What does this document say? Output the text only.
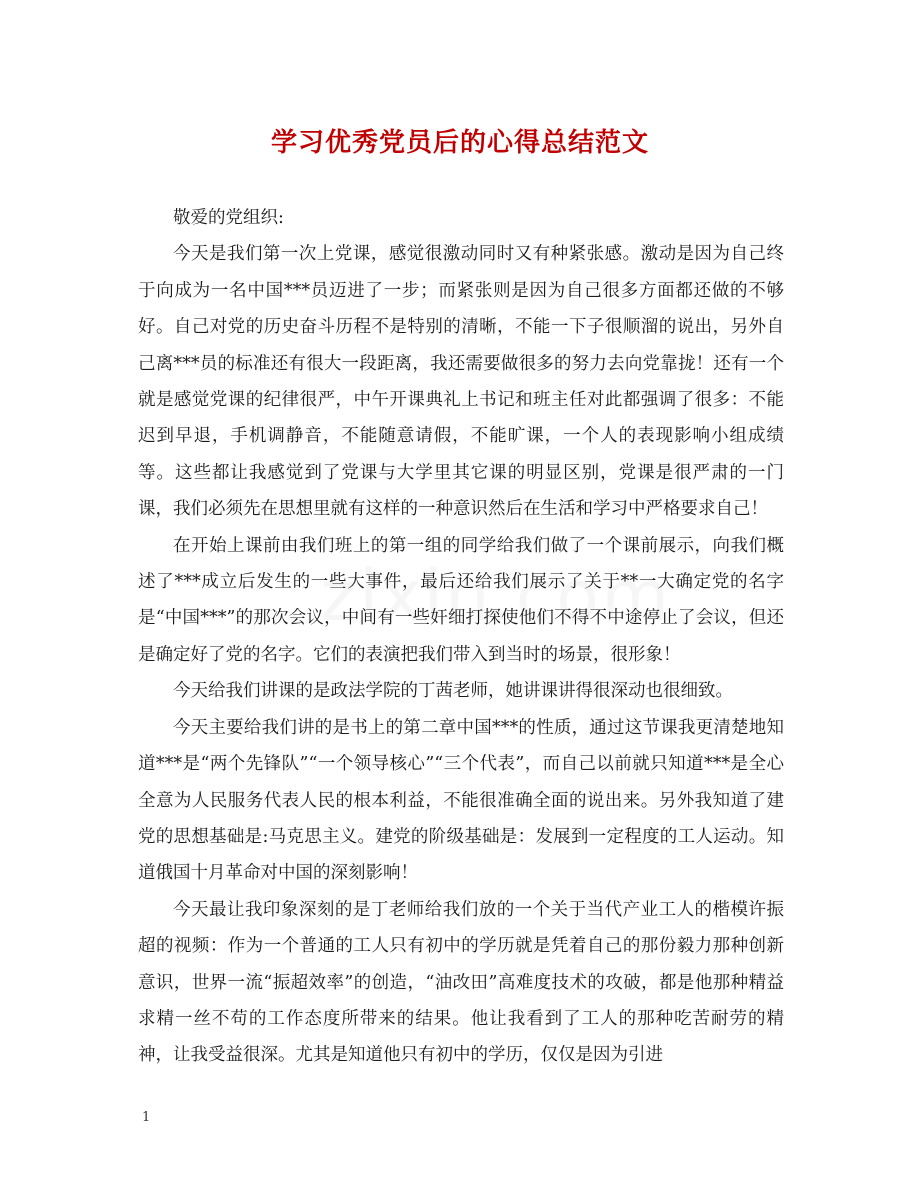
学习优秀党员后的心得总结范文

敬爱的党组织:

今天是我们第一次上党课，感觉很激动同时又有种紧张感。激动是因为自己终于向成为一名中国***员迈进了一步；而紧张则是因为自己很多方面都还做的不够好。自己对党的历史奋斗历程不是特别的清晰，不能一下子很顺溜的说出，另外自己离***员的标准还有很大一段距离，我还需要做很多的努力去向党靠拢！还有一个就是感觉党课的纪律很严，中午开课典礼上书记和班主任对此都强调了很多：不能迟到早退，手机调静音，不能随意请假，不能旷课，一个人的表现影响小组成绩等。这些都让我感觉到了党课与大学里其它课的明显区别，党课是很严肃的一门课，我们必须先在思想里就有这样的一种意识然后在生活和学习中严格要求自己！

在开始上课前由我们班上的第一组的同学给我们做了一个课前展示，向我们概述了***成立后发生的一些大事件，最后还给我们展示了关于**一大确定党的名字是“中国***”的那次会议，中间有一些奸细打探使他们不得不中途停止了会议，但还是确定好了党的名字。它们的表演把我们带入到当时的场景，很形象！

今天给我们讲课的是政法学院的丁茜老师，她讲课讲得很深动也很细致。

今天主要给我们讲的是书上的第二章中国***的性质，通过这节课我更清楚地知道***是“两个先锋队”“一个领导核心”“三个代表”，而自己以前就只知道***是全心全意为人民服务代表人民的根本利益，不能很准确全面的说出来。另外我知道了建党的思想基础是:马克思主义。建党的阶级基础是：发展到一定程度的工人运动。知道俄国十月革命对中国的深刻影响！

今天最让我印象深刻的是丁老师给我们放的一个关于当代产业工人的楷模许振超的视频：作为一个普通的工人只有初中的学历就是凭着自己的那份毅力那种创新意识，世界一流“振超效率”的创造，“油改田”高难度技术的攻破，都是他那种精益求精一丝不苟的工作态度所带来的结果。他让我看到了工人的那种吃苦耐劳的精神，让我受益很深。尤其是知道他只有初中的学历，仅仅是因为引进

1
